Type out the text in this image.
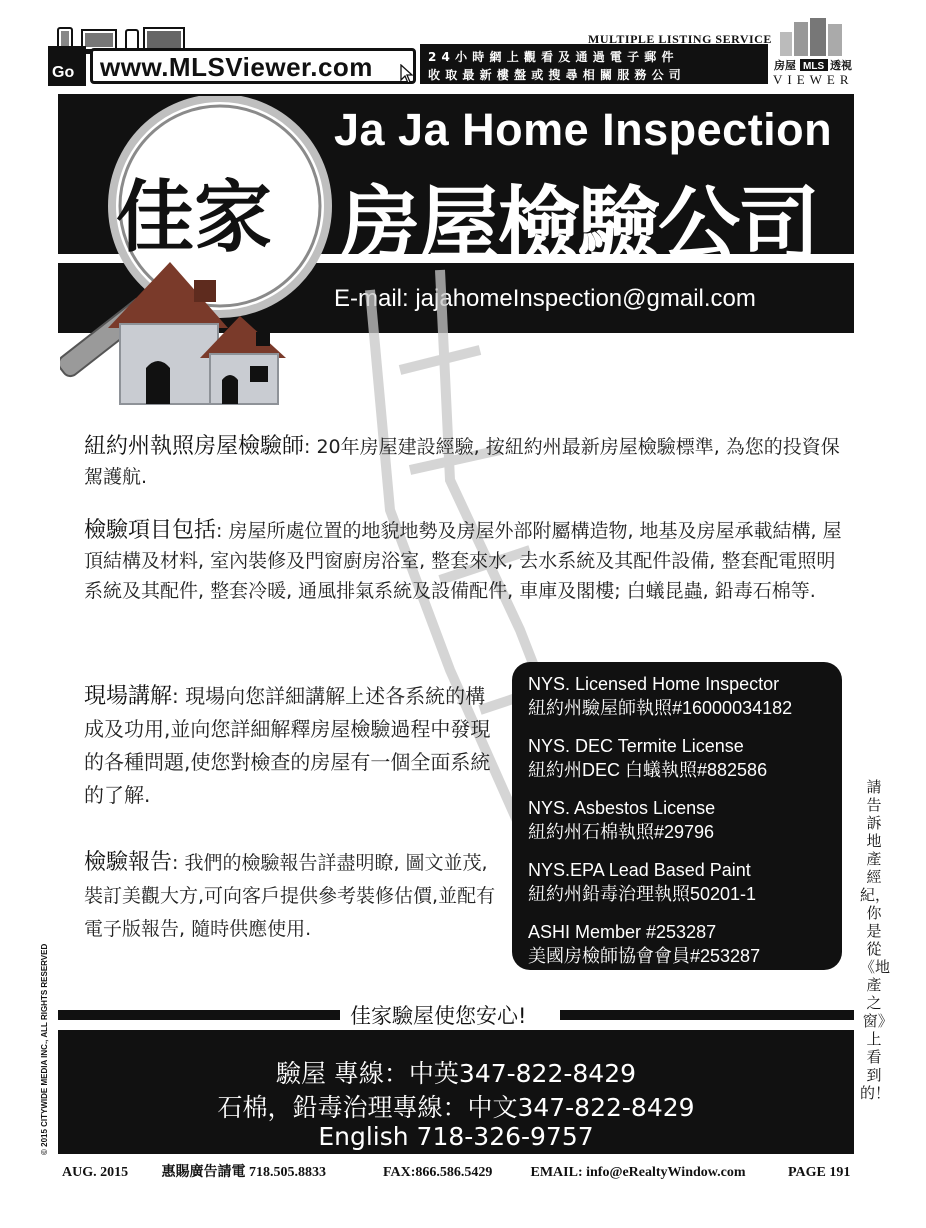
Go www.MLSViewer.com	24小時網上觀看及通過電子郵件
收取最新樓盤或搜尋相關服務公司
MULTIPLE LISTING SERVICE
房屋 MLS 透視
VIEWER
佳家
Ja Ja Home Inspection
房屋檢驗公司
E-mail: jajahomeInspection@gmail.com
紐約州執照房屋檢驗師: 20年房屋建設經驗, 按紐約州最新房屋檢驗標準, 為您的投資保駕護航.
檢驗項目包括: 房屋所處位置的地貌地勢及房屋外部附屬構造物, 地基及房屋承載結構, 屋頂結構及材料, 室內裝修及門窗廚房浴室, 整套來水, 去水系統及其配件設備, 整套配電照明系統及其配件, 整套冷暖, 通風排氣系統及設備配件, 車庫及閣樓; 白蟻昆蟲, 鉛毒石棉等.
現場講解: 現場向您詳細講解上述各系統的構成及功用,並向您詳細解釋房屋檢驗過程中發現的各種問題,使您對檢查的房屋有一個全面系統的了解.
檢驗報告: 我們的檢驗報告詳盡明瞭, 圖文並茂, 裝訂美觀大方,可向客戶提供參考裝修估價,並配有電子版報告, 隨時供應使用.
NYS. Licensed Home Inspector
紐約州驗屋師執照#16000034182
NYS. DEC Termite License
紐約州DEC 白蟻執照#882586
NYS. Asbestos License
紐約州石棉執照#29796
NYS.EPA Lead Based Paint
紐約州鉛毒治理執照50201-1
ASHI Member #253287
美國房檢師協會會員#253287
請告訴地產經紀，你是從《地產之窗》上看到的！
佳家驗屋使您安心!
驗屋 專線：中英347-822-8429
石棉，鉛毒治理專線：中文347-822-8429
English 718-326-9757
© 2015 CITYWIDE MEDIA INC., ALL RIGHTS RESERVED
AUG. 2015 惠賜廣告請電 718.505.8833	FAX:866.586.5429	EMAIL: info@eRealtyWindow.com	PAGE 191
